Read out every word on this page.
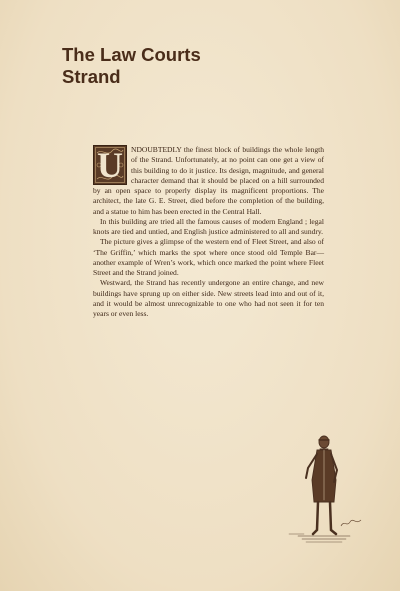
The Law Courts
Strand

U	NDOUBTEDLY the finest block of buildings the whole length of the Strand. Unfortunately, at no point can one get a view of this building to do it justice. Its design, magnitude, and general character demand that it should be placed on a hill surrounded by an open space to properly display its magnificent proportions. The architect, the late G. E. Street, died before the completion of the building, and a statue to him has been erected in the Central Hall.

In this building are tried all the famous causes of modern England ; legal knots are tied and untied, and English justice administered to all and sundry.

The picture gives a glimpse of the western end of Fleet Street, and also of ‘The Griffin,’ which marks the spot where once stood old Temple Bar—another example of Wren’s work, which once marked the point where Fleet Street and the Strand joined.

Westward, the Strand has recently undergone an entire change, and new buildings have sprung up on either side. New streets lead into and out of it, and it would be almost unrecognizable to one who had not seen it for ten years or even less.
